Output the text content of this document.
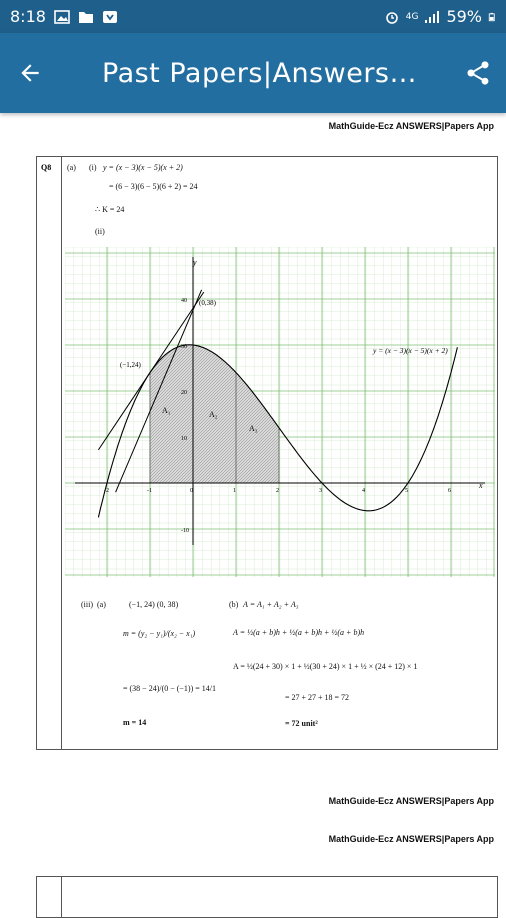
8:18	4G 59%
Past Papers|Answers…
MathGuide-Ecz ANSWERS|Papers App
Q8 (a) (i) y = (x − 3)(x − 5)(x + 2)
= (6 − 3)(6 − 5)(6 + 2) = 24
∴ K = 24
(ii)
-2	-1	0	1	2	3	4	5	6
40
30
20
10
-10
y
x
(0,38)
(−1,24)
y = (x − 3)(x − 5)(x + 2)
A₁	A₂
A₃
(iii) (a)	(−1, 24) (0, 38)
m = (y₂ − y₁)/(x₂ − x₁)
= (38 − 24)/(0 − (−1)) = 14/1
m = 14
(b) A = A₁ + A₂ + A₃
A = ½(a + b)h + ½(a + b)h + ½(a + b)h
A = ½(24 + 30) × 1 + ½(30 + 24) × 1 + ½ × (24 + 12) × 1
= 27 + 27 + 18 = 72
= 72 unit²
MathGuide-Ecz ANSWERS|Papers App
MathGuide-Ecz ANSWERS|Papers App
